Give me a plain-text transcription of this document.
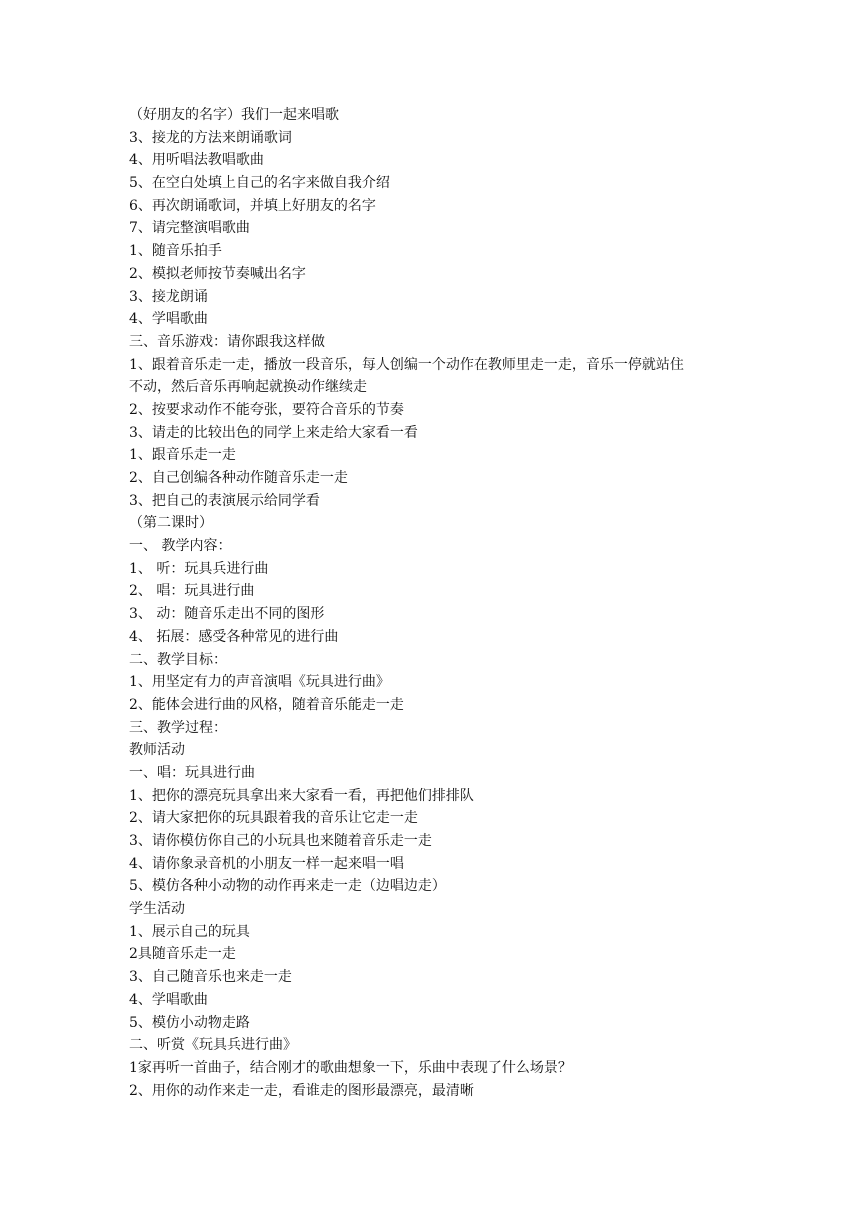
（好朋友的名字）我们一起来唱歌
3、接龙的方法来朗诵歌词
4、用听唱法教唱歌曲
5、在空白处填上自己的名字来做自我介绍
6、再次朗诵歌词，并填上好朋友的名字
7、请完整演唱歌曲
1、随音乐拍手
2、模拟老师按节奏喊出名字
3、接龙朗诵
4、学唱歌曲
三、音乐游戏：请你跟我这样做
1、跟着音乐走一走，播放一段音乐，每人创编一个动作在教师里走一走，音乐一停就站住
不动，然后音乐再响起就换动作继续走
2、按要求动作不能夸张，要符合音乐的节奏
3、请走的比较出色的同学上来走给大家看一看
1、跟音乐走一走
2、自己创编各种动作随音乐走一走
3、把自己的表演展示给同学看
（第二课时）
一、 教学内容：
1、 听：玩具兵进行曲
2、 唱：玩具进行曲
3、 动：随音乐走出不同的图形
4、 拓展：感受各种常见的进行曲
二、教学目标：
1、用坚定有力的声音演唱《玩具进行曲》
2、能体会进行曲的风格，随着音乐能走一走
三、教学过程：
教师活动
一、唱：玩具进行曲
1、把你的漂亮玩具拿出来大家看一看，再把他们排排队
2、请大家把你的玩具跟着我的音乐让它走一走
3、请你模仿你自己的小玩具也来随着音乐走一走
4、请你象录音机的小朋友一样一起来唱一唱
5、模仿各种小动物的动作再来走一走（边唱边走）
学生活动
1、展示自己的玩具
2具随音乐走一走
3、自己随音乐也来走一走
4、学唱歌曲
5、模仿小动物走路
二、听赏《玩具兵进行曲》
1家再听一首曲子，结合刚才的歌曲想象一下，乐曲中表现了什么场景？
2、用你的动作来走一走，看谁走的图形最漂亮，最清晰
